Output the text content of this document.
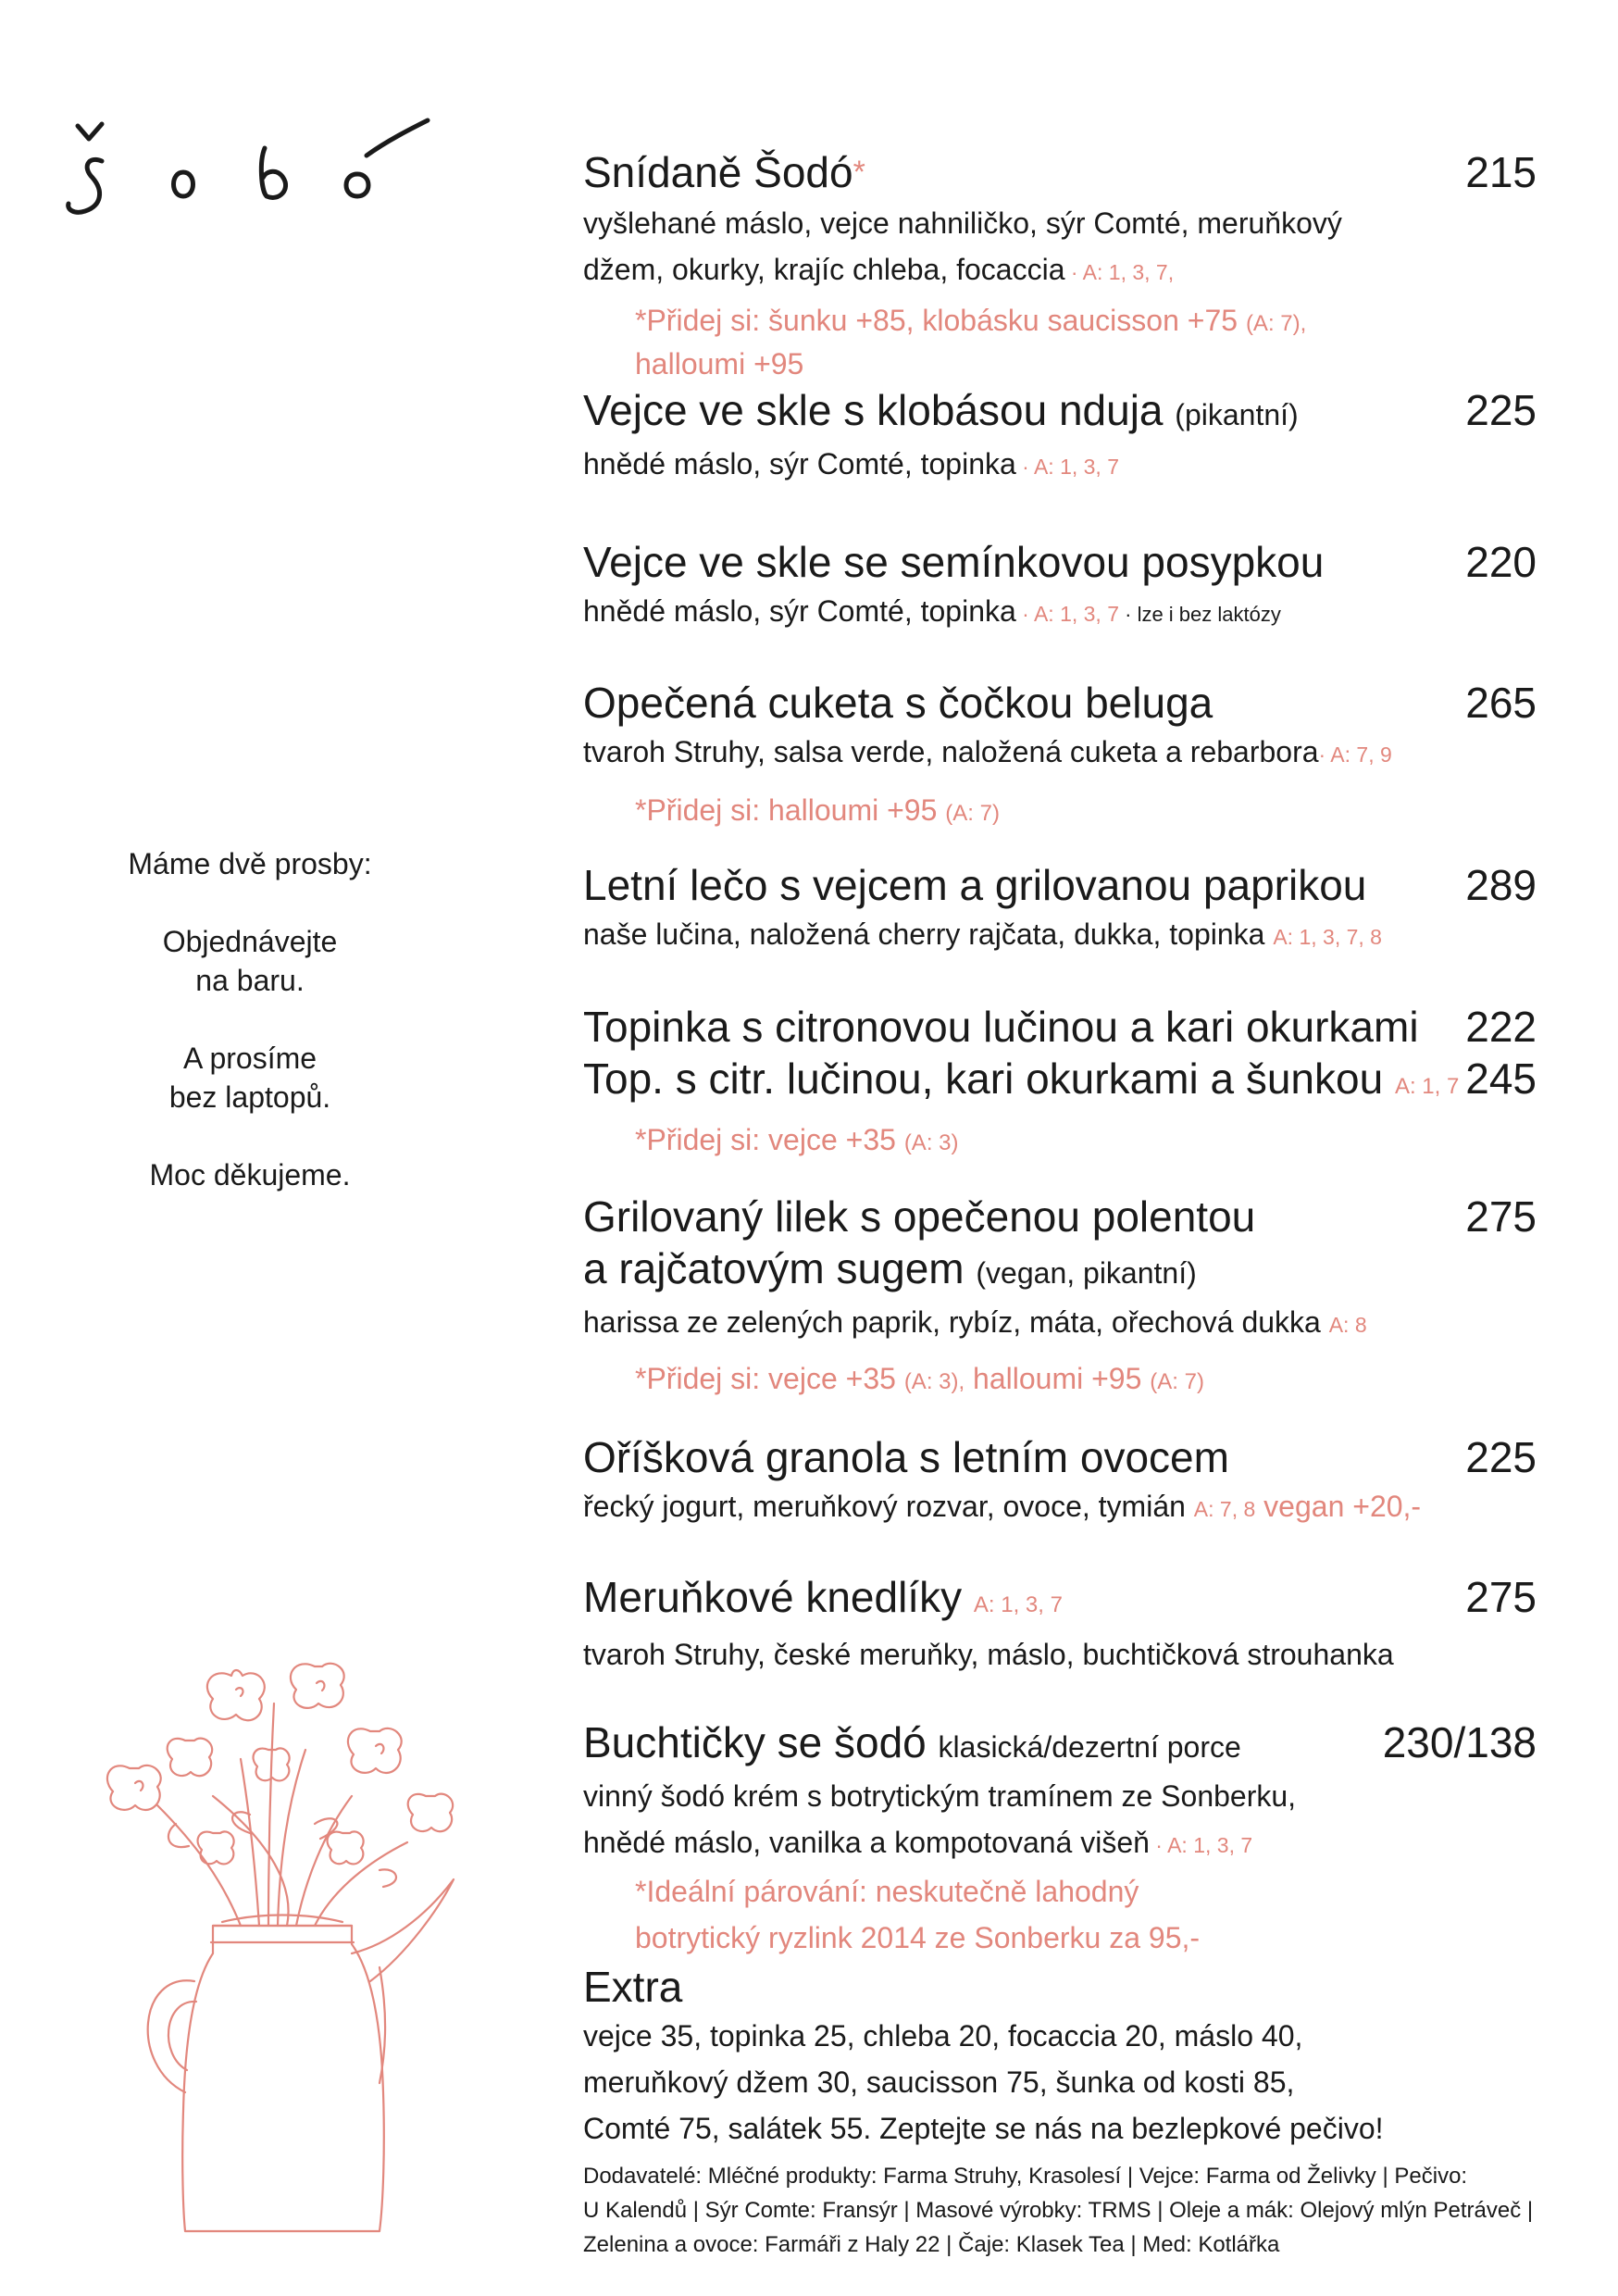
Máme dvě prosby:
Objednávejte
na baru.
A prosíme
bez laptopů.
Moc děkujeme.
Snídaně Šodó*	215
vyšlehané máslo, vejce nahniličko, sýr Comté, meruňkový
džem, okurky, krajíc chleba, focaccia · A: 1, 3, 7,
*Přidej si: šunku +85, klobásku saucisson +75 (A: 7),
halloumi +95
Vejce ve skle s klobásou nduja (pikantní)	225
hnědé máslo, sýr Comté, topinka · A: 1, 3, 7
Vejce ve skle se semínkovou posypkou	220
hnědé máslo, sýr Comté, topinka · A: 1, 3, 7 · lze i bez laktózy
Opečená cuketa s čočkou beluga	265
tvaroh Struhy, salsa verde, naložená cuketa a rebarbora· A: 7, 9
*Přidej si: halloumi +95 (A: 7)
Letní lečo s vejcem a grilovanou paprikou 289
naše lučina, naložená cherry rajčata, dukka, topinka A: 1, 3, 7, 8
Topinka s citronovou lučinou a kari okurkami 222
Top. s citr. lučinou, kari okurkami a šunkou A: 1, 7 245
*Přidej si: vejce +35 (A: 3)
Grilovaný lilek s opečenou polentou	275
a rajčatovým sugem (vegan, pikantní)
harissa ze zelených paprik, rybíz, máta, ořechová dukka A: 8
*Přidej si: vejce +35 (A: 3), halloumi +95 (A: 7)
Oříšková granola s letním ovocem	225
řecký jogurt, meruňkový rozvar, ovoce, tymián A: 7, 8 vegan +20,-
Meruňkové knedlíky A: 1, 3, 7	275
tvaroh Struhy, české meruňky, máslo, buchtičková strouhanka
Buchtičky se šodó klasická/dezertní porce	230/138
vinný šodó krém s botrytickým tramínem ze Sonberku,
hnědé máslo, vanilka a kompotovaná višeň · A: 1, 3, 7
*Ideální párování: neskutečně lahodný
botrytický ryzlink 2014 ze Sonberku za 95,-
Extra
vejce 35, topinka 25, chleba 20, focaccia 20, máslo 40,
meruňkový džem 30, saucisson 75, šunka od kosti 85,
Comté 75, salátek 55. Zeptejte se nás na bezlepkové pečivo!
Dodavatelé: Mléčné produkty: Farma Struhy, Krasolesí | Vejce: Farma od Želivky | Pečivo:
U Kalendů | Sýr Comte: Fransýr | Masové výrobky: TRMS | Oleje a mák: Olejový mlýn Petráveč |
Zelenina a ovoce: Farmáři z Haly 22 | Čaje: Klasek Tea | Med: Kotlářka
